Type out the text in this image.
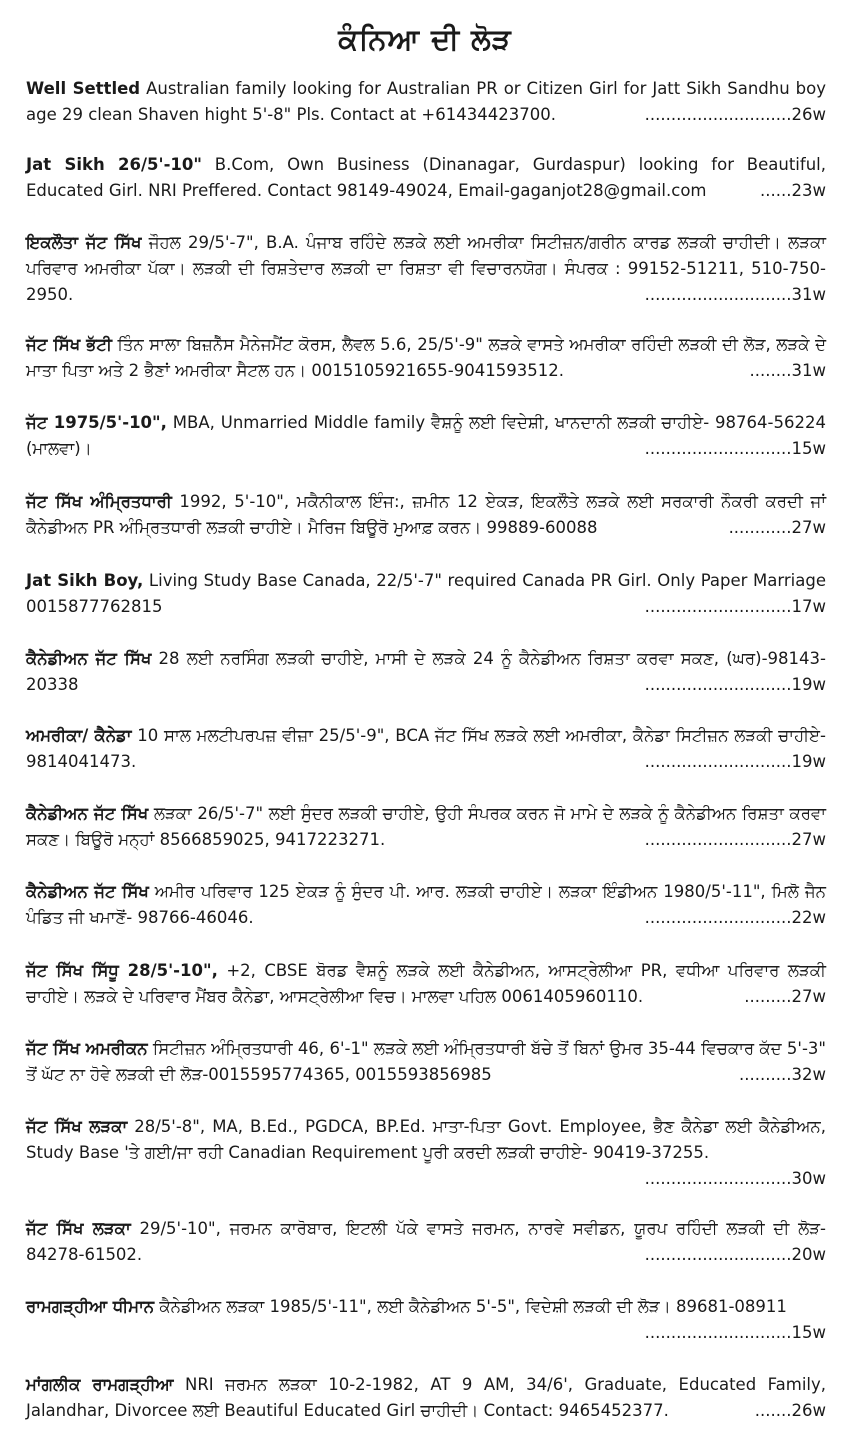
ਕੰਨਿਆ ਦੀ ਲੋੜ
Well Settled Australian family looking for Australian PR or Citizen Girl for Jatt Sikh Sandhu boy age 29 clean Shaven hight 5'-8" Pls. Contact at +61434423700.	............................26w
Jat Sikh 26/5'-10" B.Com, Own Business (Dinanagar, Gurdaspur) looking for Beautiful, Educated Girl. NRI Preffered. Contact 98149-49024, Email-gaganjot28@gmail.com	......23w
ਇਕਲੌਤਾ ਜੱਟ ਸਿੱਖ ਜੌਹਲ 29/5'-7", B.A. ਪੰਜਾਬ ਰਹਿੰਦੇ ਲੜਕੇ ਲਈ ਅਮਰੀਕਾ ਸਿਟੀਜ਼ਨ/ਗਰੀਨ ਕਾਰਡ ਲੜਕੀ ਚਾਹੀਦੀ। ਲੜਕਾ ਪਰਿਵਾਰ ਅਮਰੀਕਾ ਪੱਕਾ। ਲੜਕੀ ਦੀ ਰਿਸ਼ਤੇਦਾਰ ਲੜਕੀ ਦਾ ਰਿਸ਼ਤਾ ਵੀ ਵਿਚਾਰਨਯੋਗ। ਸੰਪਰਕ : 99152-51211, 510-750-2950.	............................31w
ਜੱਟ ਸਿੱਖ ਭੱਟੀ ਤਿੰਨ ਸਾਲਾ ਬਿਜ਼ਨੈੱਸ ਮੈਨੇਜਮੈਂਟ ਕੋਰਸ, ਲੈਵਲ 5.6, 25/5'-9" ਲੜਕੇ ਵਾਸਤੇ ਅਮਰੀਕਾ ਰਹਿੰਦੀ ਲੜਕੀ ਦੀ ਲੋੜ, ਲੜਕੇ ਦੇ ਮਾਤਾ ਪਿਤਾ ਅਤੇ 2 ਭੈਣਾਂ ਅਮਰੀਕਾ ਸੈਟਲ ਹਨ। 0015105921655-9041593512.	........31w
ਜੱਟ 1975/5'-10", MBA, Unmarried Middle family ਵੈਸ਼ਨੂੰ ਲਈ ਵਿਦੇਸ਼ੀ, ਖਾਨਦਾਨੀ ਲੜਕੀ ਚਾਹੀਏ- 98764-56224 (ਮਾਲਵਾ)।	............................15w
ਜੱਟ ਸਿੱਖ ਅੰਮ੍ਰਿਤਧਾਰੀ 1992, 5'-10", ਮਕੈਨੀਕਾਲ ਇੰਜ:, ਜ਼ਮੀਨ 12 ਏਕੜ, ਇਕਲੌਤੇ ਲੜਕੇ ਲਈ ਸਰਕਾਰੀ ਨੌਕਰੀ ਕਰਦੀ ਜਾਂ ਕੈਨੇਡੀਅਨ PR ਅੰਮ੍ਰਿਤਧਾਰੀ ਲੜਕੀ ਚਾਹੀਏ। ਮੈਰਿਜ ਬਿਊਰੋ ਮੁਆਫ਼ ਕਰਨ। 99889-60088	............27w
Jat Sikh Boy, Living Study Base Canada, 22/5'-7" required Canada PR Girl. Only Paper Marriage 0015877762815	............................17w
ਕੈਨੇਡੀਅਨ ਜੱਟ ਸਿੱਖ 28 ਲਈ ਨਰਸਿੰਗ ਲੜਕੀ ਚਾਹੀਏ, ਮਾਸੀ ਦੇ ਲੜਕੇ 24 ਨੂੰ ਕੈਨੇਡੀਅਨ ਰਿਸ਼ਤਾ ਕਰਵਾ ਸਕਣ, (ਘਰ)-98143-20338	............................19w
ਅਮਰੀਕਾ/ ਕੈਨੇਡਾ 10 ਸਾਲ ਮਲਟੀਪਰਪਜ਼ ਵੀਜ਼ਾ 25/5'-9", BCA ਜੱਟ ਸਿੱਖ ਲੜਕੇ ਲਈ ਅਮਰੀਕਾ, ਕੈਨੇਡਾ ਸਿਟੀਜ਼ਨ ਲੜਕੀ ਚਾਹੀਏ- 9814041473.	............................19w
ਕੈਨੇਡੀਅਨ ਜੱਟ ਸਿੱਖ ਲੜਕਾ 26/5'-7" ਲਈ ਸੁੰਦਰ ਲੜਕੀ ਚਾਹੀਏ, ਉਹੀ ਸੰਪਰਕ ਕਰਨ ਜੋ ਮਾਮੇ ਦੇ ਲੜਕੇ ਨੂੰ ਕੈਨੇਡੀਅਨ ਰਿਸ਼ਤਾ ਕਰਵਾ ਸਕਣ। ਬਿਊਰੋ ਮਨ੍ਹਾਂ 8566859025, 9417223271.	............................27w
ਕੈਨੇਡੀਅਨ ਜੱਟ ਸਿੱਖ ਅਮੀਰ ਪਰਿਵਾਰ 125 ਏਕੜ ਨੂੰ ਸੁੰਦਰ ਪੀ. ਆਰ. ਲੜਕੀ ਚਾਹੀਏ। ਲੜਕਾ ਇੰਡੀਅਨ 1980/5'-11", ਮਿਲੋ ਜੈਨ ਪੰਡਿਤ ਜੀ ਖਮਾਣੋਂ- 98766-46046.	............................22w
ਜੱਟ ਸਿੱਖ ਸਿੱਧੂ 28/5'-10", +2, CBSE ਬੋਰਡ ਵੈਸ਼ਨੂੰ ਲੜਕੇ ਲਈ ਕੈਨੇਡੀਅਨ, ਆਸਟ੍ਰੇਲੀਆ PR, ਵਧੀਆ ਪਰਿਵਾਰ ਲੜਕੀ ਚਾਹੀਏ। ਲੜਕੇ ਦੇ ਪਰਿਵਾਰ ਮੈਂਬਰ ਕੈਨੇਡਾ, ਆਸਟ੍ਰੇਲੀਆ ਵਿਚ। ਮਾਲਵਾ ਪਹਿਲ 0061405960110.	.........27w
ਜੱਟ ਸਿੱਖ ਅਮਰੀਕਨ ਸਿਟੀਜ਼ਨ ਅੰਮ੍ਰਿਤਧਾਰੀ 46, 6'-1" ਲੜਕੇ ਲਈ ਅੰਮ੍ਰਿਤਧਾਰੀ ਬੱਚੇ ਤੋਂ ਬਿਨਾਂ ਉਮਰ 35-44 ਵਿਚਕਾਰ ਕੱਦ 5'-3" ਤੋਂ ਘੱਟ ਨਾ ਹੋਵੇ ਲੜਕੀ ਦੀ ਲੋੜ-0015595774365, 0015593856985	..........32w
ਜੱਟ ਸਿੱਖ ਲੜਕਾ 28/5'-8", MA, B.Ed., PGDCA, BP.Ed. ਮਾਤਾ-ਪਿਤਾ Govt. Employee, ਭੈਣ ਕੈਨੇਡਾ ਲਈ ਕੈਨੇਡੀਅਨ, Study Base 'ਤੇ ਗਈ/ਜਾ ਰਹੀ Canadian Requirement ਪੂਰੀ ਕਰਦੀ ਲੜਕੀ ਚਾਹੀਏ- 90419-37255.
............................30w
ਜੱਟ ਸਿੱਖ ਲੜਕਾ 29/5'-10", ਜਰਮਨ ਕਾਰੋਬਾਰ, ਇਟਲੀ ਪੱਕੇ ਵਾਸਤੇ ਜਰਮਨ, ਨਾਰਵੇ ਸਵੀਡਨ, ਯੂਰਪ ਰਹਿੰਦੀ ਲੜਕੀ ਦੀ ਲੋੜ- 84278-61502.	............................20w
ਰਾਮਗੜ੍ਹੀਆ ਧੀਮਾਨ ਕੈਨੇਡੀਅਨ ਲੜਕਾ 1985/5'-11", ਲਈ ਕੈਨੇਡੀਅਨ 5'-5", ਵਿਦੇਸ਼ੀ ਲੜਕੀ ਦੀ ਲੋੜ। 89681-08911
............................15w
ਮਾਂਗਲੀਕ ਰਾਮਗੜ੍ਹੀਆ NRI ਜਰਮਨ ਲੜਕਾ 10-2-1982, AT 9 AM, 34/6', Graduate, Educated Family, Jalandhar, Divorcee ਲਈ Beautiful Educated Girl ਚਾਹੀਦੀ। Contact: 9465452377.	.......26w
